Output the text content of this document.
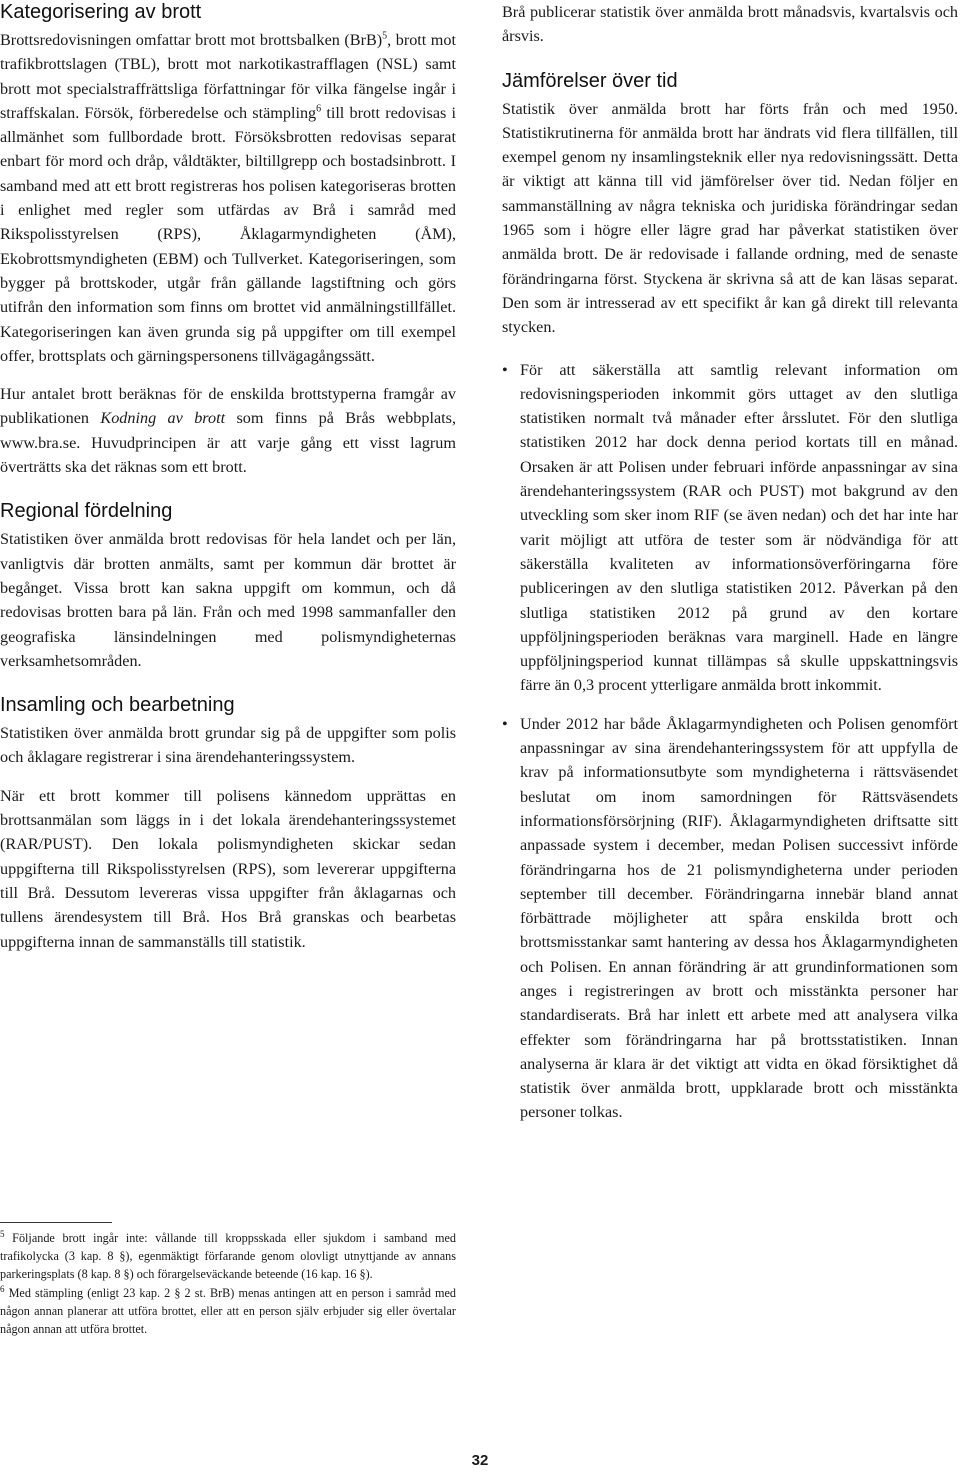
Kategorisering av brott

Brottsredovisningen omfattar brott mot brottsbalken (BrB)$^5$, brott mot trafikbrottslagen (TBL), brott mot narkotikastrafflagen (NSL) samt brott mot specialstraffrättsliga författningar för vilka fängelse ingår i straffskalan. Försök, förberedelse och stämpling$^6$ till brott redovisas i allmänhet som fullbordade brott. Försöksbrotten redovisas separat enbart för mord och dråp, våldtäkter, biltillgrepp och bostadsinbrott. I samband med att ett brott registreras hos polisen kategoriseras brotten i enlighet med regler som utfärdas av Brå i samråd med Rikspolisstyrelsen (RPS), Åklagarmyndigheten (ÅM), Ekobrottsmyndigheten (EBM) och Tullverket. Kategoriseringen, som bygger på brottskoder, utgår från gällande lagstiftning och görs utifrån den information som finns om brottet vid anmälningstillfället. Kategoriseringen kan även grunda sig på uppgifter om till exempel offer, brottsplats och gärningspersonens tillvägagångssätt.

Hur antalet brott beräknas för de enskilda brottstyperna framgår av publikationen Kodning av brott som finns på Brås webbplats, www.bra.se. Huvudprincipen är att varje gång ett visst lagrum överträtts ska det räknas som ett brott.

Regional fördelning

Statistiken över anmälda brott redovisas för hela landet och per län, vanligtvis där brotten anmälts, samt per kommun där brottet är begånget. Vissa brott kan sakna uppgift om kommun, och då redovisas brotten bara på län. Från och med 1998 sammanfaller den geografiska länsindelningen med polismyndigheternas verksamhetsområden.

Insamling och bearbetning

Statistiken över anmälda brott grundar sig på de uppgifter som polis och åklagare registrerar i sina ärendehanteringssystem.

När ett brott kommer till polisens kännedom upprättas en brottsanmälan som läggs in i det lokala ärendehanteringssystemet (RAR/PUST). Den lokala polismyndigheten skickar sedan uppgifterna till Rikspolisstyrelsen (RPS), som levererar uppgifterna till Brå. Dessutom levereras vissa uppgifter från åklagarnas och tullens ärendesystem till Brå. Hos Brå granskas och bearbetas uppgifterna innan de sammanställs till statistik.

$^5$ Följande brott ingår inte: vållande till kroppsskada eller sjukdom i samband med trafikolycka (3 kap. 8 §), egenmäktigt förfarande genom olovligt utnyttjande av annans parkeringsplats (8 kap. 8 §) och förargelseväckande beteende (16 kap. 16 §).

$^6$ Med stämpling (enligt 23 kap. 2 § 2 st. BrB) menas antingen att en person i samråd med någon annan planerar att utföra brottet, eller att en person själv erbjuder sig eller övertalar någon annan att utföra brottet.

Brå publicerar statistik över anmälda brott månadsvis, kvartalsvis och årsvis.

Jämförelser över tid

Statistik över anmälda brott har förts från och med 1950. Statistikrutinerna för anmälda brott har ändrats vid flera tillfällen, till exempel genom ny insamlingsteknik eller nya redovisningssätt. Detta är viktigt att känna till vid jämförelser över tid. Nedan följer en sammanställning av några tekniska och juridiska förändringar sedan 1965 som i högre eller lägre grad har påverkat statistiken över anmälda brott. De är redovisade i fallande ordning, med de senaste förändringarna först. Styckena är skrivna så att de kan läsas separat. Den som är intresserad av ett specifikt år kan gå direkt till relevanta stycken.

• För att säkerställa att samtlig relevant information om redovisningsperioden inkommit görs uttaget av den slutliga statistiken normalt två månader efter årsslutet. För den slutliga statistiken 2012 har dock denna period kortats till en månad. Orsaken är att Polisen under februari införde anpassningar av sina ärendehanteringssystem (RAR och PUST) mot bakgrund av den utveckling som sker inom RIF (se även nedan) och det har inte har varit möjligt att utföra de tester som är nödvändiga för att säkerställa kvaliteten av informationsöverföringarna före publiceringen av den slutliga statistiken 2012. Påverkan på den slutliga statistiken 2012 på grund av den kortare uppföljningsperioden beräknas vara marginell. Hade en längre uppföljningsperiod kunnat tillämpas så skulle uppskattningsvis färre än 0,3 procent ytterligare anmälda brott inkommit.
• Under 2012 har både Åklagarmyndigheten och Polisen genomfört anpassningar av sina ärendehanteringssystem för att uppfylla de krav på informationsutbyte som myndigheterna i rättsväsendet beslutat om inom samordningen för Rättsväsendets informationsförsörjning (RIF). Åklagarmyndigheten driftsatte sitt anpassade system i december, medan Polisen successivt införde förändringarna hos de 21 polismyndigheterna under perioden september till december. Förändringarna innebär bland annat förbättrade möjligheter att spåra enskilda brott och brottsmisstankar samt hantering av dessa hos Åklagarmyndigheten och Polisen. En annan förändring är att grundinformationen som anges i registreringen av brott och misstänkta personer har standardiserats. Brå har inlett ett arbete med att analysera vilka effekter som förändringarna har på brottsstatistiken. Innan analyserna är klara är det viktigt att vidta en ökad försiktighet då statistik över anmälda brott, uppklarade brott och misstänkta personer tolkas.
32
